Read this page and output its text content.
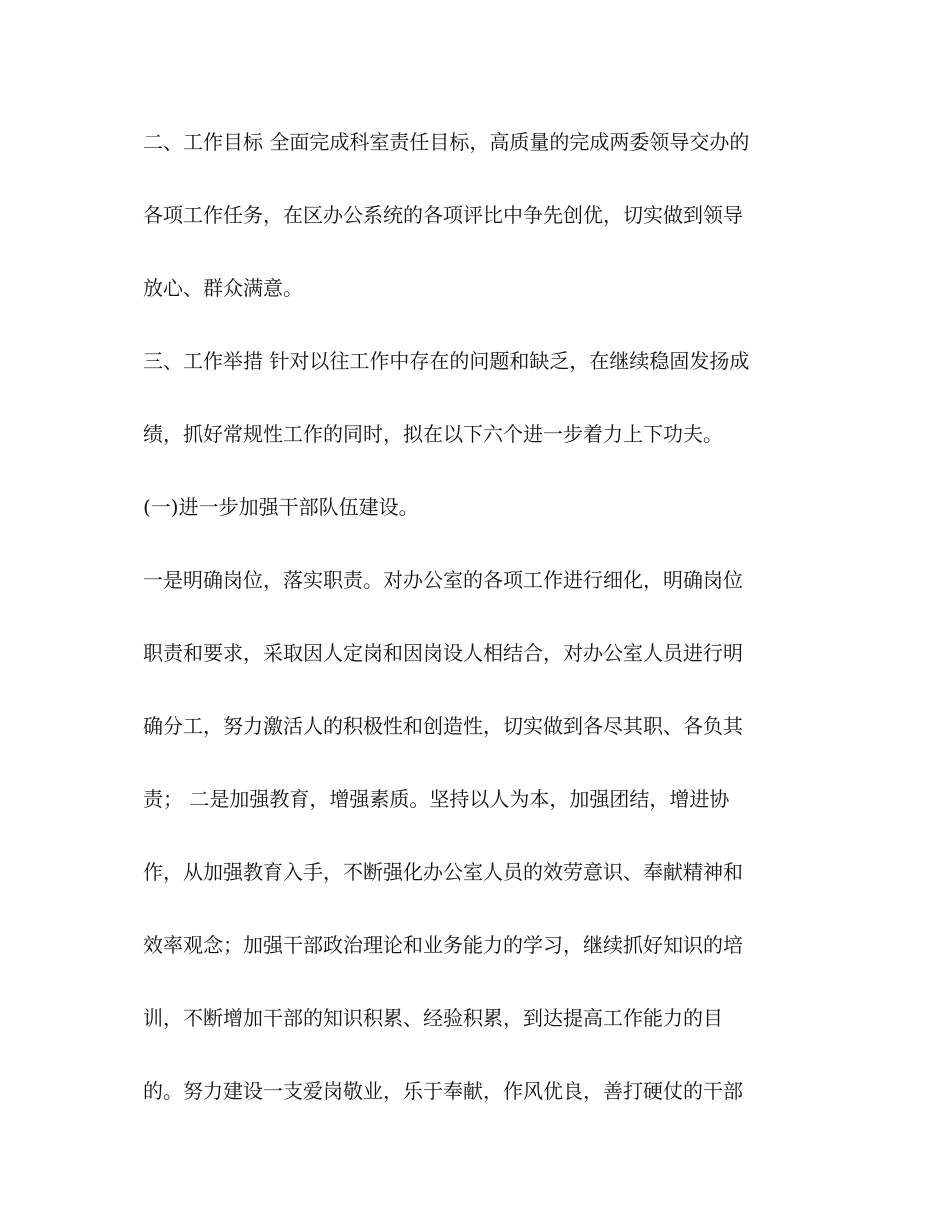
二、工作目标 全面完成科室责任目标，高质量的完成两委领导交办的
各项工作任务，在区办公系统的各项评比中争先创优，切实做到领导
放心、群众满意。
三、工作举措 针对以往工作中存在的问题和缺乏，在继续稳固发扬成
绩，抓好常规性工作的同时，拟在以下六个进一步着力上下功夫。
(一)进一步加强干部队伍建设。
一是明确岗位，落实职责。对办公室的各项工作进行细化，明确岗位
职责和要求，采取因人定岗和因岗设人相结合，对办公室人员进行明
确分工，努力激活人的积极性和创造性，切实做到各尽其职、各负其
责； 二是加强教育，增强素质。坚持以人为本，加强团结，增进协
作，从加强教育入手，不断强化办公室人员的效劳意识、奉献精神和
效率观念；加强干部政治理论和业务能力的学习，继续抓好知识的培
训，不断增加干部的知识积累、经验积累，到达提高工作能力的目
的。努力建设一支爱岗敬业，乐于奉献，作风优良，善打硬仗的干部
